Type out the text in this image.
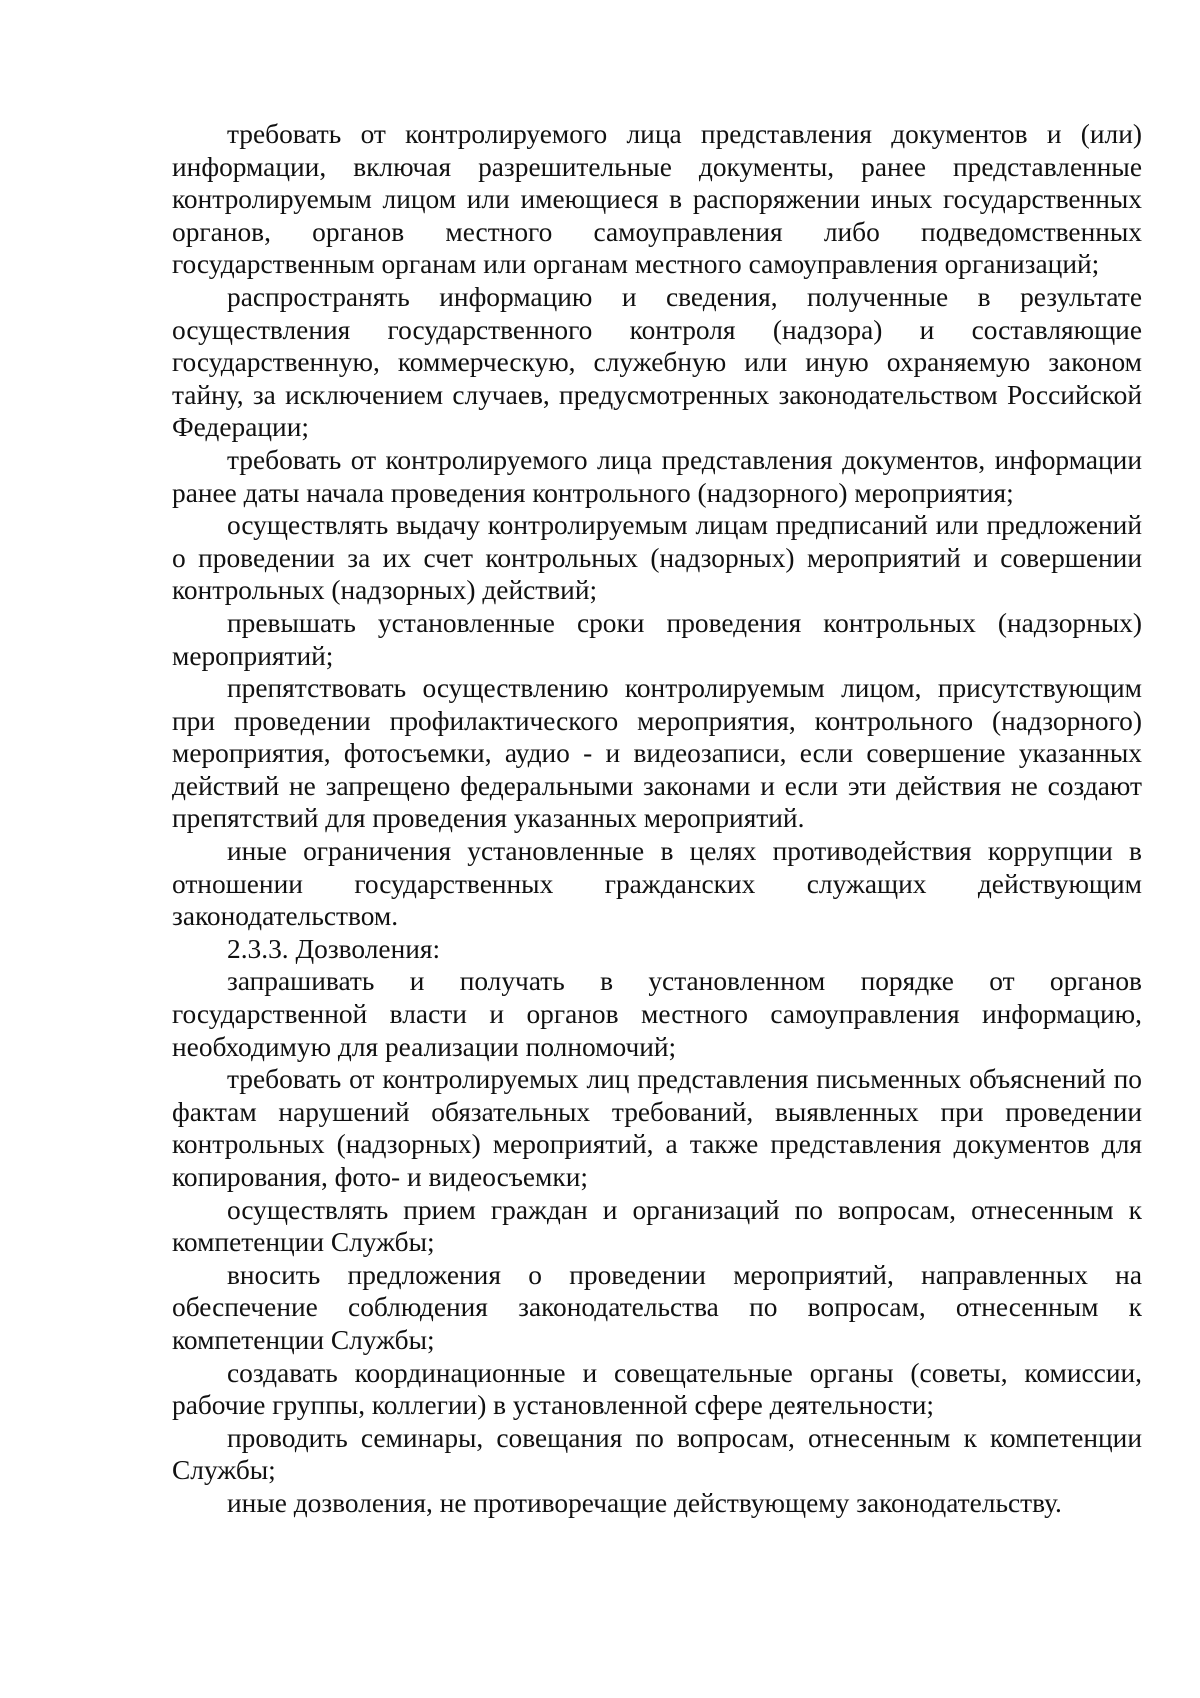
требовать от контролируемого лица представления документов и (или) информации, включая разрешительные документы, ранее представленные контролируемым лицом или имеющиеся в распоряжении иных государственных органов, органов местного самоуправления либо подведомственных государственным органам или органам местного самоуправления организаций;

распространять информацию и сведения, полученные в результате осуществления государственного контроля (надзора) и составляющие государственную, коммерческую, служебную или иную охраняемую законом тайну, за исключением случаев, предусмотренных законодательством Российской Федерации;

требовать от контролируемого лица представления документов, информации ранее даты начала проведения контрольного (надзорного) мероприятия;

осуществлять выдачу контролируемым лицам предписаний или предложений о проведении за их счет контрольных (надзорных) мероприятий и совершении контрольных (надзорных) действий;

превышать установленные сроки проведения контрольных (надзорных) мероприятий;

препятствовать осуществлению контролируемым лицом, присутствующим при проведении профилактического мероприятия, контрольного (надзорного) мероприятия, фотосъемки, аудио - и видеозаписи, если совершение указанных действий не запрещено федеральными законами и если эти действия не создают препятствий для проведения указанных мероприятий.

иные ограничения установленные в целях противодействия коррупции в отношении государственных гражданских служащих действующим законодательством.

2.3.3. Дозволения:

запрашивать и получать в установленном порядке от органов государственной власти и органов местного самоуправления информацию, необходимую для реализации полномочий;

требовать от контролируемых лиц представления письменных объяснений по фактам нарушений обязательных требований, выявленных при проведении контрольных (надзорных) мероприятий, а также представления документов для копирования, фото- и видеосъемки;

осуществлять прием граждан и организаций по вопросам, отнесенным к компетенции Службы;

вносить предложения о проведении мероприятий, направленных на обеспечение соблюдения законодательства по вопросам, отнесенным к компетенции Службы;

создавать координационные и совещательные органы (советы, комиссии, рабочие группы, коллегии) в установленной сфере деятельности;

проводить семинары, совещания по вопросам, отнесенным к компетенции Службы;

иные дозволения, не противоречащие действующему законодательству.
